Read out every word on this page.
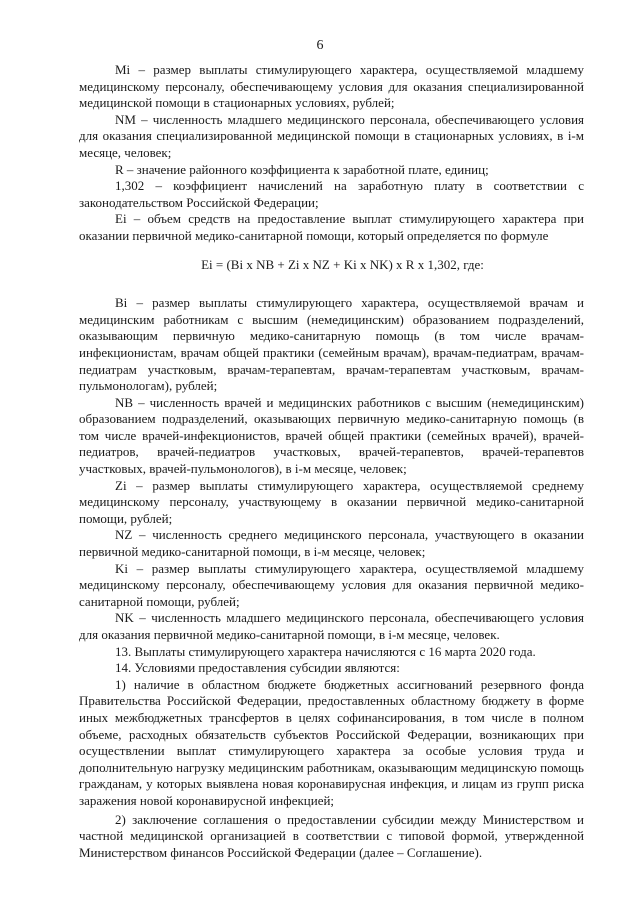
6

Mi – размер выплаты стимулирующего характера, осуществляемой младшему медицинскому персоналу, обеспечивающему условия для оказания специализированной медицинской помощи в стационарных условиях, рублей;

NM – численность младшего медицинского персонала, обеспечивающего условия для оказания специализированной медицинской помощи в стационарных условиях, в i-м месяце, человек;

R – значение районного коэффициента к заработной плате, единиц;

1,302 – коэффициент начислений на заработную плату в соответствии с законодательством Российской Федерации;

Ei – объем средств на предоставление выплат стимулирующего характера при оказании первичной медико-санитарной помощи, который определяется по формуле

Ei = (Bi x NB + Zi x NZ + Ki x NK) x R x 1,302, где:

Bi – размер выплаты стимулирующего характера, осуществляемой врачам и медицинским работникам с высшим (немедицинским) образованием подразделений, оказывающим первичную медико-санитарную помощь (в том числе врачам-инфекционистам, врачам общей практики (семейным врачам), врачам-педиатрам, врачам-педиатрам участковым, врачам-терапевтам, врачам-терапевтам участковым, врачам-пульмонологам), рублей;

NB – численность врачей и медицинских работников с высшим (немедицинским) образованием подразделений, оказывающих первичную медико-санитарную помощь (в том числе врачей-инфекционистов, врачей общей практики (семейных врачей), врачей-педиатров, врачей-педиатров участковых, врачей-терапевтов, врачей-терапевтов участковых, врачей-пульмонологов), в i-м месяце, человек;

Zi – размер выплаты стимулирующего характера, осуществляемой среднему медицинскому персоналу, участвующему в оказании первичной медико-санитарной помощи, рублей;

NZ – численность среднего медицинского персонала, участвующего в оказании первичной медико-санитарной помощи, в i-м месяце, человек;

Ki – размер выплаты стимулирующего характера, осуществляемой младшему медицинскому персоналу, обеспечивающему условия для оказания первичной медико-санитарной помощи, рублей;

NK – численность младшего медицинского персонала, обеспечивающего условия для оказания первичной медико-санитарной помощи, в i-м месяце, человек.

13. Выплаты стимулирующего характера начисляются с 16 марта 2020 года.

14. Условиями предоставления субсидии являются:

1) наличие в областном бюджете бюджетных ассигнований резервного фонда Правительства Российской Федерации, предоставленных областному бюджету в форме иных межбюджетных трансфертов в целях софинансирования, в том числе в полном объеме, расходных обязательств субъектов Российской Федерации, возникающих при осуществлении выплат стимулирующего характера за особые условия труда и дополнительную нагрузку медицинским работникам, оказывающим медицинскую помощь гражданам, у которых выявлена новая коронавирусная инфекция, и лицам из групп риска заражения новой коронавирусной инфекцией;

2) заключение соглашения о предоставлении субсидии между Министерством и частной медицинской организацией в соответствии с типовой формой, утвержденной Министерством финансов Российской Федерации (далее – Соглашение).
